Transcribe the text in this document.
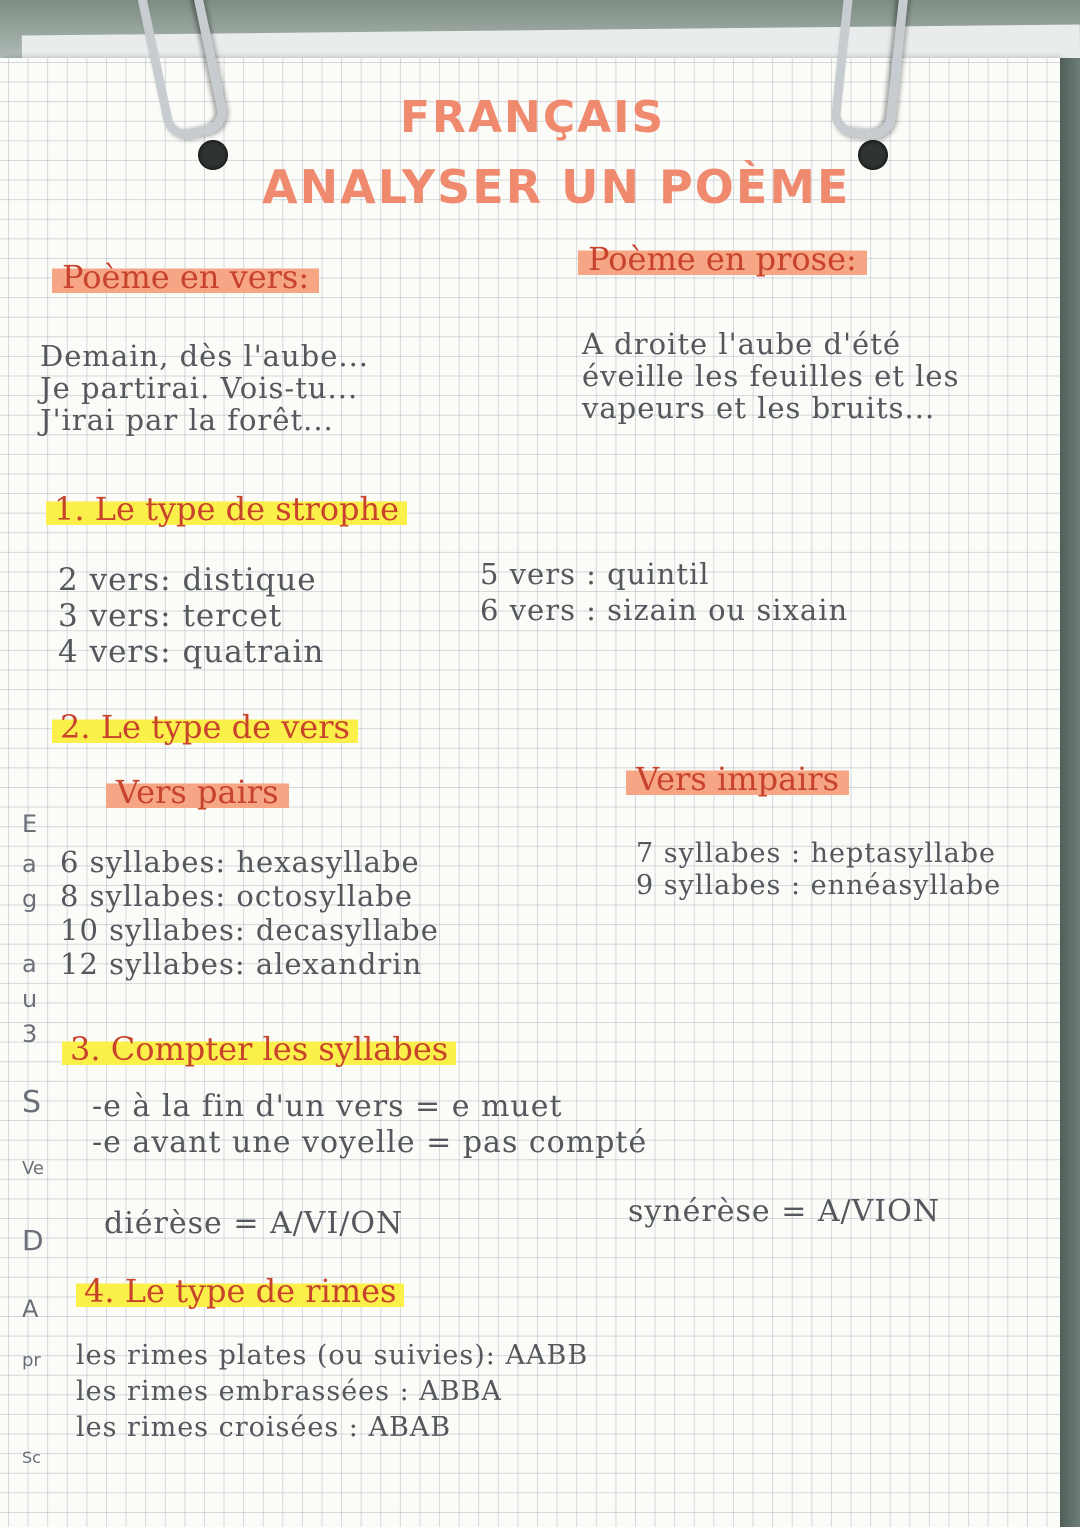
FRANÇAIS
ANALYSER UN POÈME
Poème en vers:
Demain, dès l'aube...
Je partirai. Vois-tu...
J'irai par la forêt...
Poème en prose:
A droite l'aube d'été
éveille les feuilles et les
vapeurs et les bruits...
1. Le type de strophe
2 vers: distique
3 vers: tercet
4 vers: quatrain
5 vers : quintil
6 vers : sizain ou sixain
2. Le type de vers
Vers pairs	Vers impairs
6 syllabes: hexasyllabe
8 syllabes: octosyllabe
10 syllabes: decasyllabe
12 syllabes: alexandrin
7 syllabes : heptasyllabe
9 syllabes : ennéasyllabe
3. Compter les syllabes
-e à la fin d'un vers = e muet
-e avant une voyelle = pas compté
diérèse = A/VI/ON	synérèse = A/VION
4. Le type de rimes
les rimes plates (ou suivies): AABB
les rimes embrassées : ABBA
les rimes croisées : ABAB
E
a
g
a
u
3
S
Ve
D
A
pr
Sc
